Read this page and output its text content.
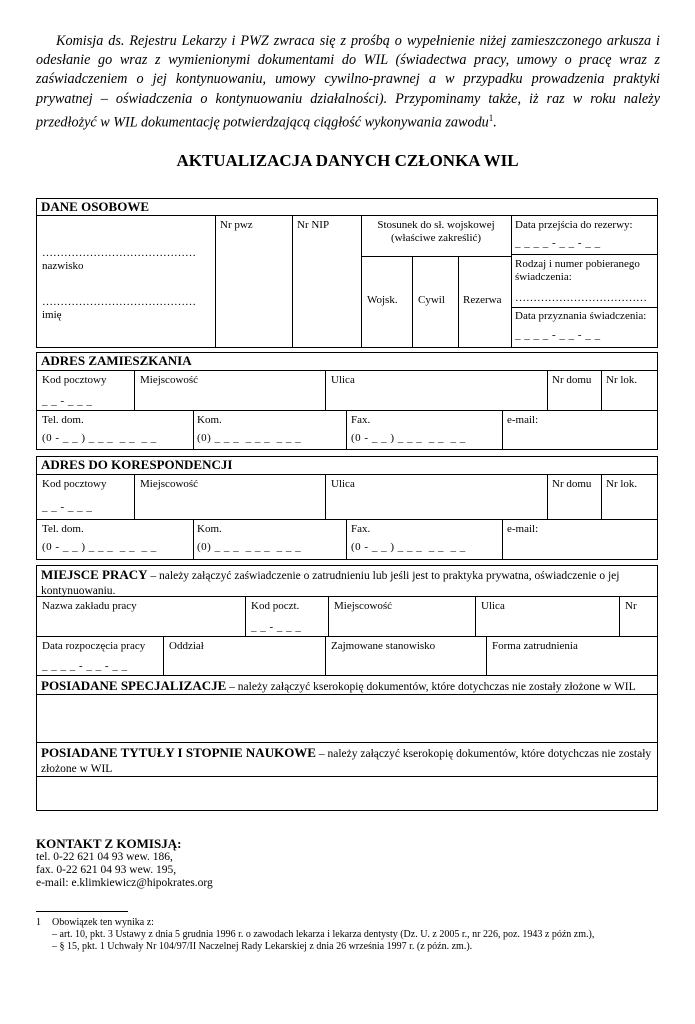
Komisja ds. Rejestru Lekarzy i PWZ zwraca się z prośbą o wypełnienie niżej zamieszczonego arkusza i odesłanie go wraz z wymienionymi dokumentami do WIL (świadectwa pracy, umowy o pracę wraz z zaświadczeniem o jej kontynuowaniu, umowy cywilno-prawnej a w przypadku prowadzenia praktyki prywatnej – oświadczenia o kontynuowaniu działalności). Przypominamy także, iż raz w roku należy przedłożyć w WIL dokumentację potwierdzającą ciągłość wykonywania zawodu$^1$.
AKTUALIZACJA DANYCH CZŁONKA WIL
DANE OSOBOWE
……………………………………
nazwisko
……………………………………
imię
Nr pwz	Nr NIP	Stosunek do sł. wojskowej
(właściwe zakreślić)
Wojsk. Cywil Rezerwa
Data przejścia do rezerwy:
_ _ _ _ - _ _ - _ _
Rodzaj i numer pobieranego świadczenia:
………………………………
Data przyznania świadczenia:
_ _ _ _ - _ _ - _ _
ADRES ZAMIESZKANIA
Kod pocztowy
_ _ - _ _ _
Miejscowość	Ulica	Nr domu Nr lok.
Tel. dom.
(0 - _ _ ) _ _ _  _ _  _ _
Kom.
(0) _ _ _  _ _ _  _ _ _
Fax.
(0 - _ _ ) _ _ _  _ _  _ _
e-mail:
ADRES DO KORESPONDENCJI
Kod pocztowy
_ _ - _ _ _
Miejscowość	Ulica	Nr domu Nr lok.
Tel. dom.
(0 - _ _ ) _ _ _  _ _  _ _
Kom.
(0) _ _ _  _ _ _  _ _ _
Fax.
(0 - _ _ ) _ _ _  _ _  _ _
e-mail:
MIEJSCE PRACY – należy załączyć zaświadczenie o zatrudnieniu lub jeśli jest to praktyka prywatna, oświadczenie o jej kontynuowaniu.
Nazwa zakładu pracy	Kod poczt.
_ _ - _ _ _
Miejscowość	Ulica	Nr
Data rozpoczęcia pracy
_ _ _ _ - _ _ - _ _
Oddział	Zajmowane stanowisko	Forma zatrudnienia
POSIADANE SPECJALIZACJE – należy załączyć kserokopię dokumentów, które dotychczas nie zostały złożone w WIL
POSIADANE TYTUŁY I STOPNIE NAUKOWE – należy załączyć kserokopię dokumentów, które dotychczas nie zostały złożone w WIL
KONTAKT Z KOMISJĄ:
tel. 0-22 621 04 93 wew. 186,
fax. 0-22 621 04 93 wew. 195,
e-mail: e.klimkiewicz@hipokrates.org
1 Obowiązek ten wynika z:
– art. 10, pkt. 3 Ustawy z dnia 5 grudnia 1996 r. o zawodach lekarza i lekarza dentysty (Dz. U. z 2005 r., nr 226, poz. 1943 z późn zm.),
– § 15, pkt. 1 Uchwały Nr 104/97/II Naczelnej Rady Lekarskiej z dnia 26 września 1997 r. (z późn. zm.).
